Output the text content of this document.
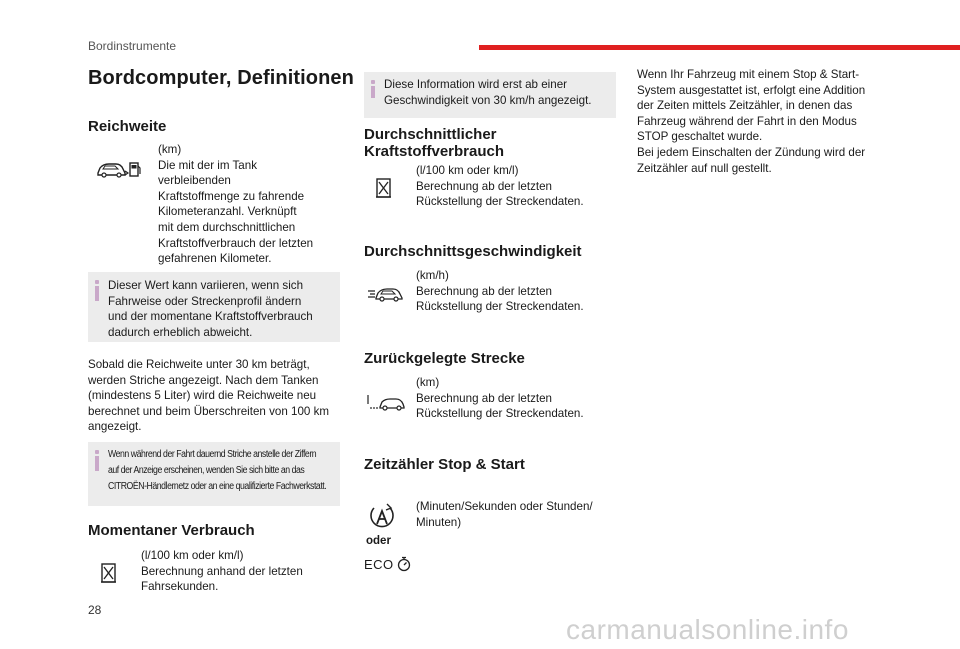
Bordinstrumente
Bordcomputer, Definitionen
Reichweite
(km)
Die mit der im Tank
verbleibenden
Kraftstoffmenge zu fahrende
Kilometeranzahl. Verknüpft
mit dem durchschnittlichen
Kraftstoffverbrauch der letzten
gefahrenen Kilometer.
Dieser Wert kann variieren, wenn sich
Fahrweise oder Streckenprofil ändern
und der momentane Kraftstoffverbrauch
dadurch erheblich abweicht.
Sobald die Reichweite unter 30 km beträgt,
werden Striche angezeigt. Nach dem Tanken
(mindestens 5 Liter) wird die Reichweite neu
berechnet und beim Überschreiten von 100 km
angezeigt.
Wenn während der Fahrt dauernd Striche anstelle der Ziffern
auf der Anzeige erscheinen, wenden Sie sich bitte an das
CITROËN-Händlernetz oder an eine qualifizierte Fachwerkstatt.
Momentaner Verbrauch
(l/100 km oder km/l)
Berechnung anhand der letzten
Fahrsekunden.
Diese Information wird erst ab einer
Geschwindigkeit von 30 km/h angezeigt.
Durchschnittlicher
Kraftstoffverbrauch
(l/100 km oder km/l)
Berechnung ab der letzten
Rückstellung der Streckendaten.
Durchschnittsgeschwindigkeit
(km/h)
Berechnung ab der letzten
Rückstellung der Streckendaten.
Zurückgelegte Strecke
(km)
Berechnung ab der letzten
Rückstellung der Streckendaten.
Zeitzähler Stop & Start
oder
ECO
(Minuten/Sekunden oder Stunden/
Minuten)
Wenn Ihr Fahrzeug mit einem Stop & Start-
System ausgestattet ist, erfolgt eine Addition
der Zeiten mittels Zeitzähler, in denen das
Fahrzeug während der Fahrt in den Modus
STOP geschaltet wurde.
Bei jedem Einschalten der Zündung wird der
Zeitzähler auf null gestellt.
28
carmanualsonline.info
